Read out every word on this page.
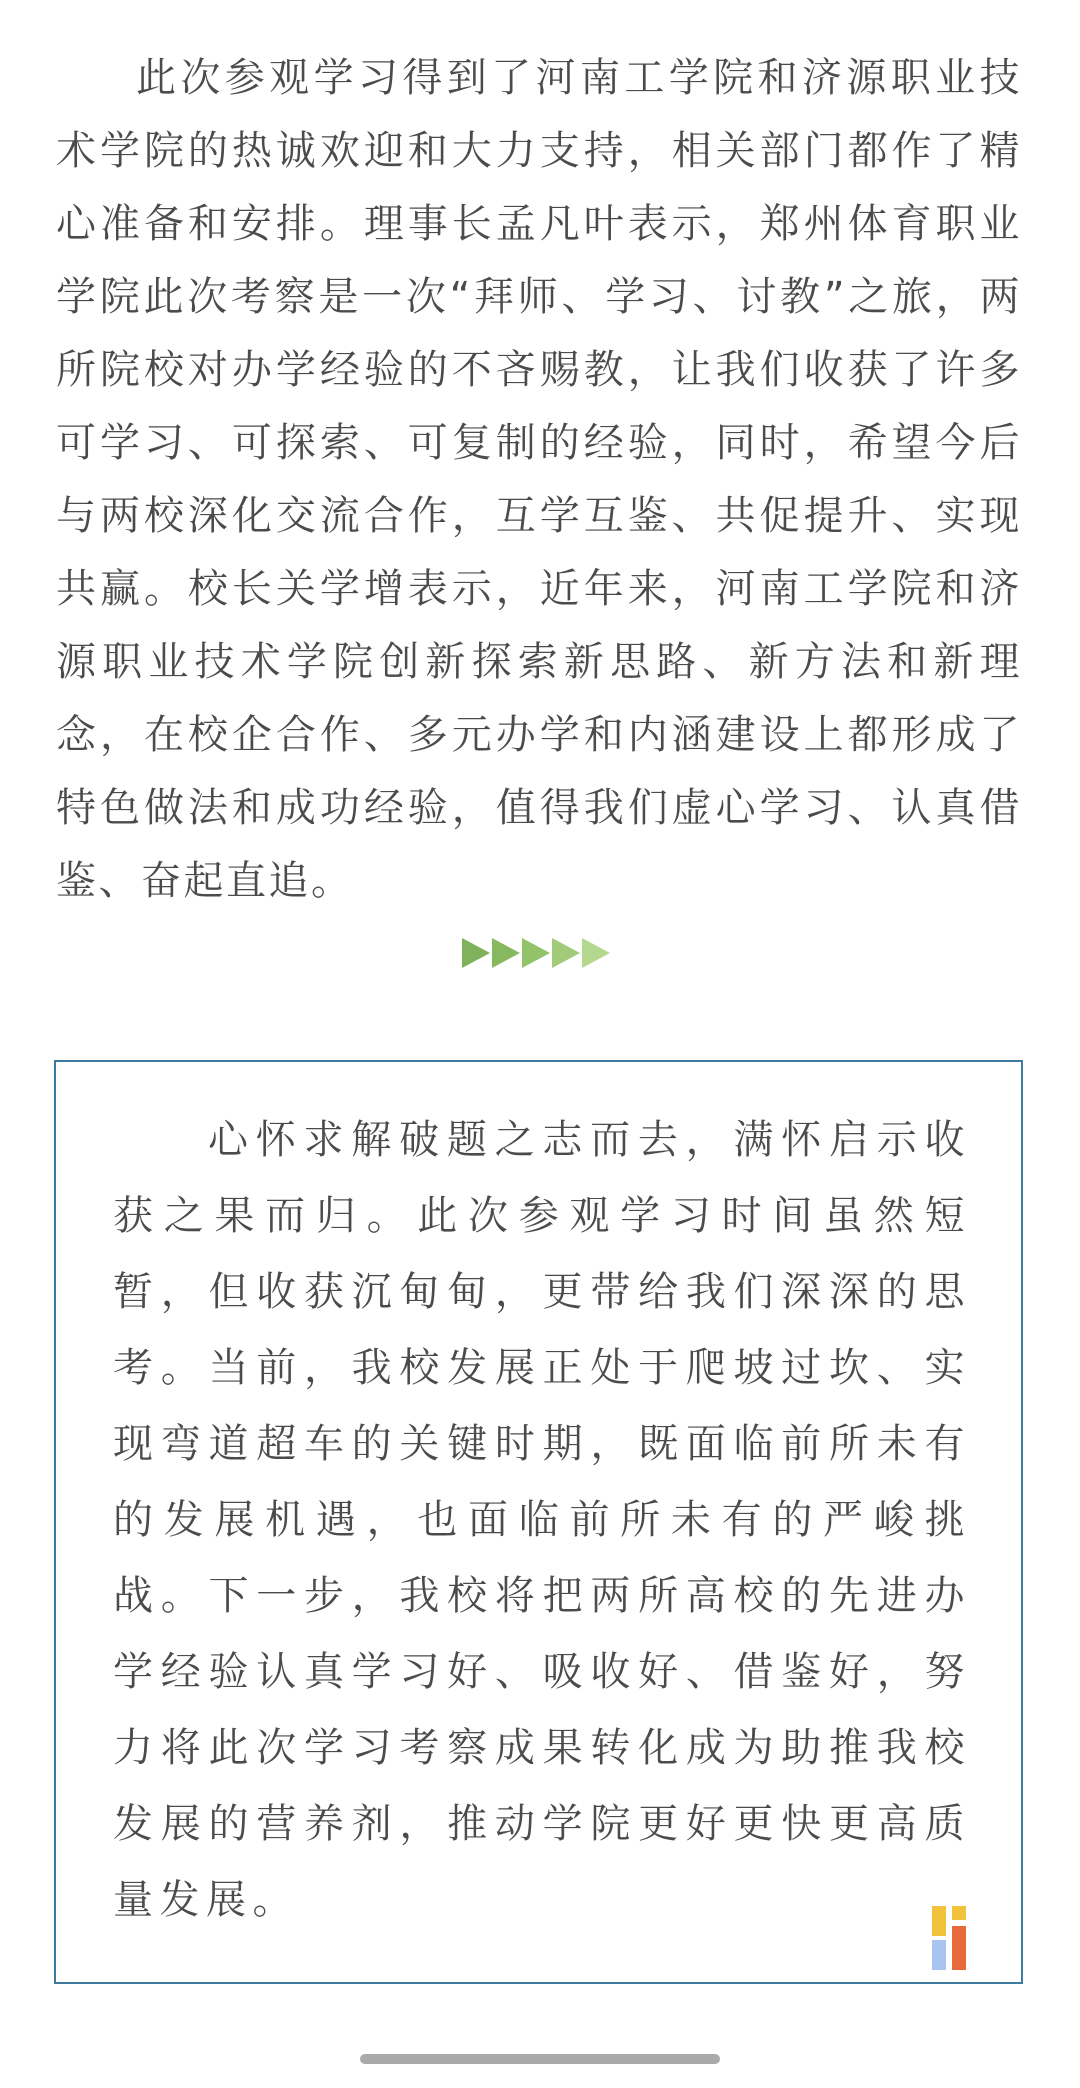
此次参观学习得到了河南工学院和济源职业技术学院的热诚欢迎和大力支持，相关部门都作了精心准备和安排。理事长孟凡叶表示，郑州体育职业学院此次考察是一次“拜师、学习、讨教”之旅，两所院校对办学经验的不吝赐教，让我们收获了许多可学习、可探索、可复制的经验，同时，希望今后与两校深化交流合作，互学互鉴、共促提升、实现共赢。校长关学增表示，近年来，河南工学院和济源职业技术学院创新探索新思路、新方法和新理念，在校企合作、多元办学和内涵建设上都形成了特色做法和成功经验，值得我们虚心学习、认真借鉴、奋起直追。

心怀求解破题之志而去，满怀启示收获之果而归。此次参观学习时间虽然短暂，但收获沉甸甸，更带给我们深深的思考。当前，我校发展正处于爬坡过坎、实现弯道超车的关键时期，既面临前所未有的发展机遇，也面临前所未有的严峻挑战。下一步，我校将把两所高校的先进办学经验认真学习好、吸收好、借鉴好，努力将此次学习考察成果转化成为助推我校发展的营养剂，推动学院更好更快更高质量发展。
